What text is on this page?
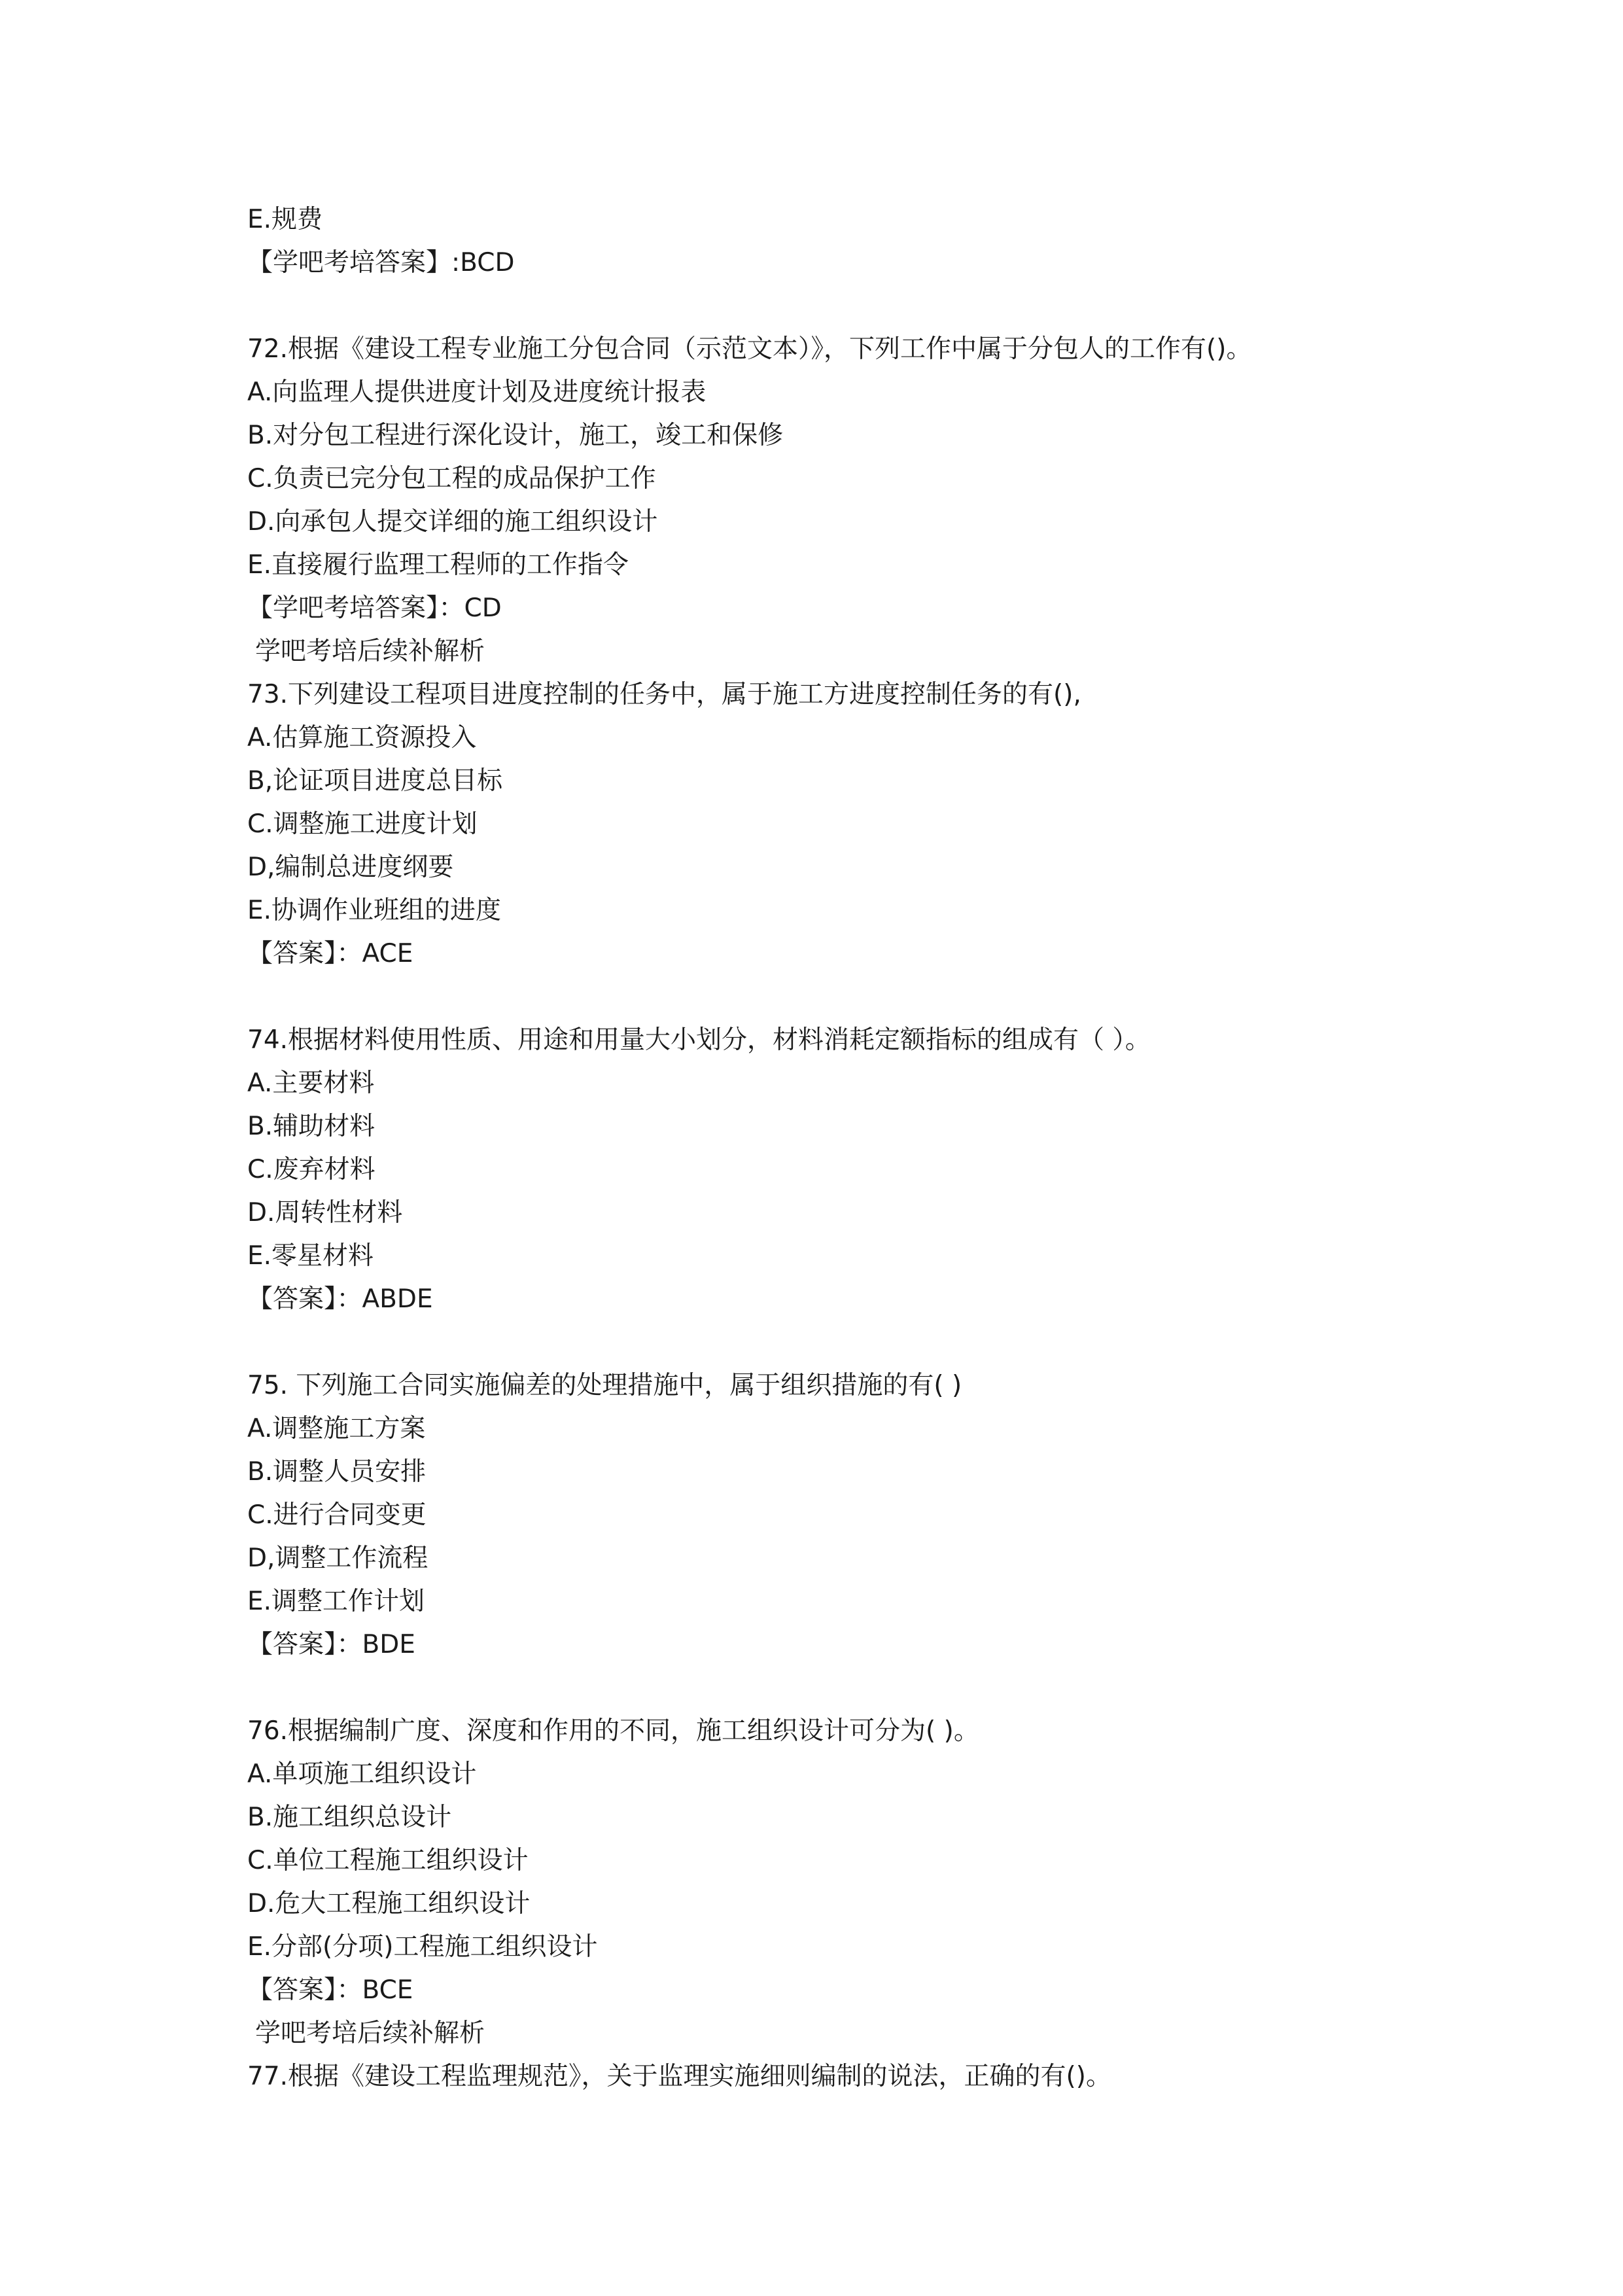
E.规费
【学吧考培答案】:BCD
72.根据《建设工程专业施工分包合同（示范文本）》，下列工作中属于分包人的工作有()。
A.向监理人提供进度计划及进度统计报表
B.对分包工程进行深化设计，施工，竣工和保修
C.负责已完分包工程的成品保护工作
D.向承包人提交详细的施工组织设计
E.直接履行监理工程师的工作指令
【学吧考培答案】：CD
学吧考培后续补解析
73.下列建设工程项目进度控制的任务中，属于施工方进度控制任务的有(),
A.估算施工资源投入
B,论证项目进度总目标
C.调整施工进度计划
D,编制总进度纲要
E.协调作业班组的进度
【答案】：ACE
74.根据材料使用性质、用途和用量大小划分，材料消耗定额指标的组成有（ ）。
A.主要材料
B.辅助材料
C.废弃材料
D.周转性材料
E.零星材料
【答案】：ABDE
75. 下列施工合同实施偏差的处理措施中，属于组织措施的有( )
A.调整施工方案
B.调整人员安排
C.进行合同变更
D,调整工作流程
E.调整工作计划
【答案】：BDE
76.根据编制广度、深度和作用的不同，施工组织设计可分为( )。
A.单项施工组织设计
B.施工组织总设计
C.单位工程施工组织设计
D.危大工程施工组织设计
E.分部(分项)工程施工组织设计
【答案】：BCE
学吧考培后续补解析
77.根据《建设工程监理规范》，关于监理实施细则编制的说法，正确的有()。
